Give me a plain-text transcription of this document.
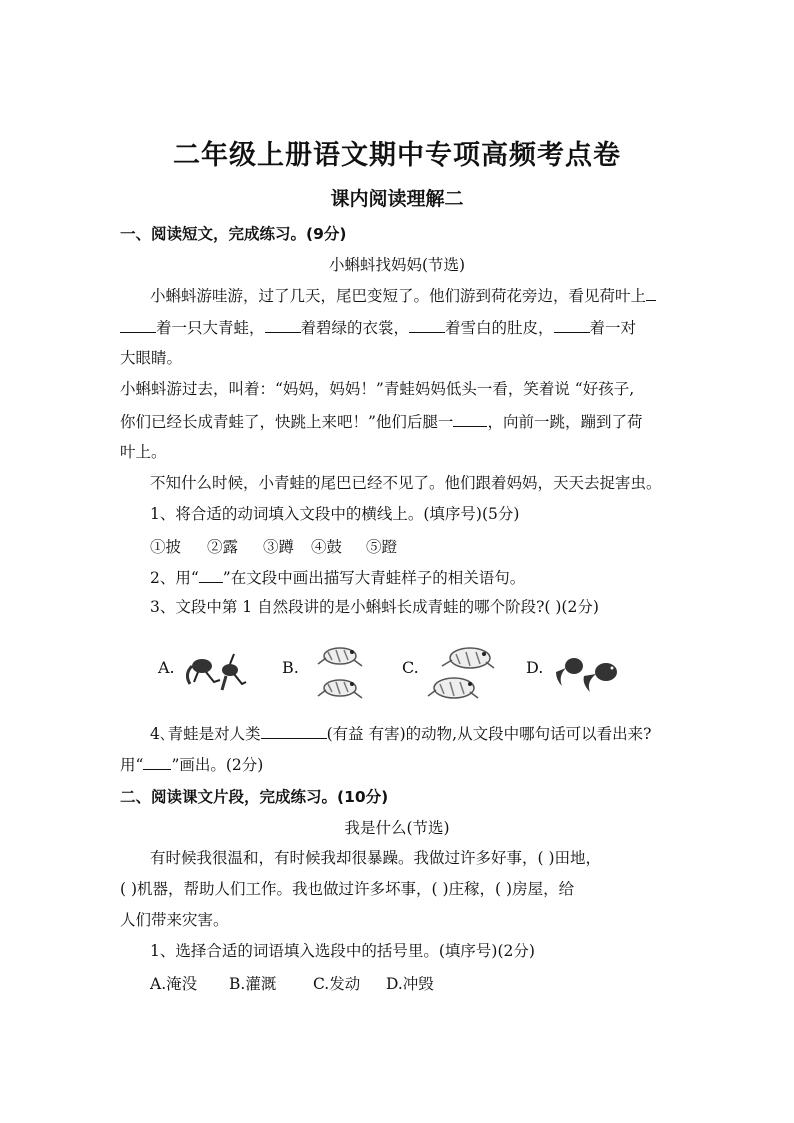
二年级上册语文期中专项高频考点卷
课内阅读理解二

一、阅读短文，完成练习。(9分)

小蝌蚪找妈妈(节选)

小蝌蚪游哇游，过了几天，尾巴变短了。他们游到荷花旁边，看见荷叶上

着一只大青蛙， 着碧绿的衣裳， 着雪白的肚皮， 着一对

大眼睛。

小蝌蚪游过去，叫着：“妈妈，妈妈！”青蛙妈妈低头一看，笑着说 “好孩子,

你们已经长成青蛙了，快跳上来吧！”他们后腿一 ，向前一跳，蹦到了荷

叶上。

不知什么时候，小青蛙的尾巴已经不见了。他们跟着妈妈，天天去捉害虫。

1、将合适的动词填入文段中的横线上。(填序号)(5分)

①披 ②露 ③蹲 ④鼓 ⑤蹬

2、用“ ”在文段中画出描写大青蛙样子的相关语句。

3、文段中第 1 自然段讲的是小蝌蚪长成青蛙的哪个阶段?( )(2分)

A.	B.	C.	D.

4､青蛙是对人类	(有益 有害)的动物,从文段中哪句话可以看出来?

用“ ”画出。(2分)

二、阅读课文片段，完成练习。(10分)

我是什么(节选)

有时候我很温和，有时候我却很暴躁。我做过许多好事，( )田地，

( )机器，帮助人们工作。我也做过许多坏事，( )庄稼，( )房屋，给

人们带来灾害。

1、选择合适的词语填入选段中的括号里。(填序号)(2分)

A.淹没 B.灌溉 C.发动 D.冲毁
